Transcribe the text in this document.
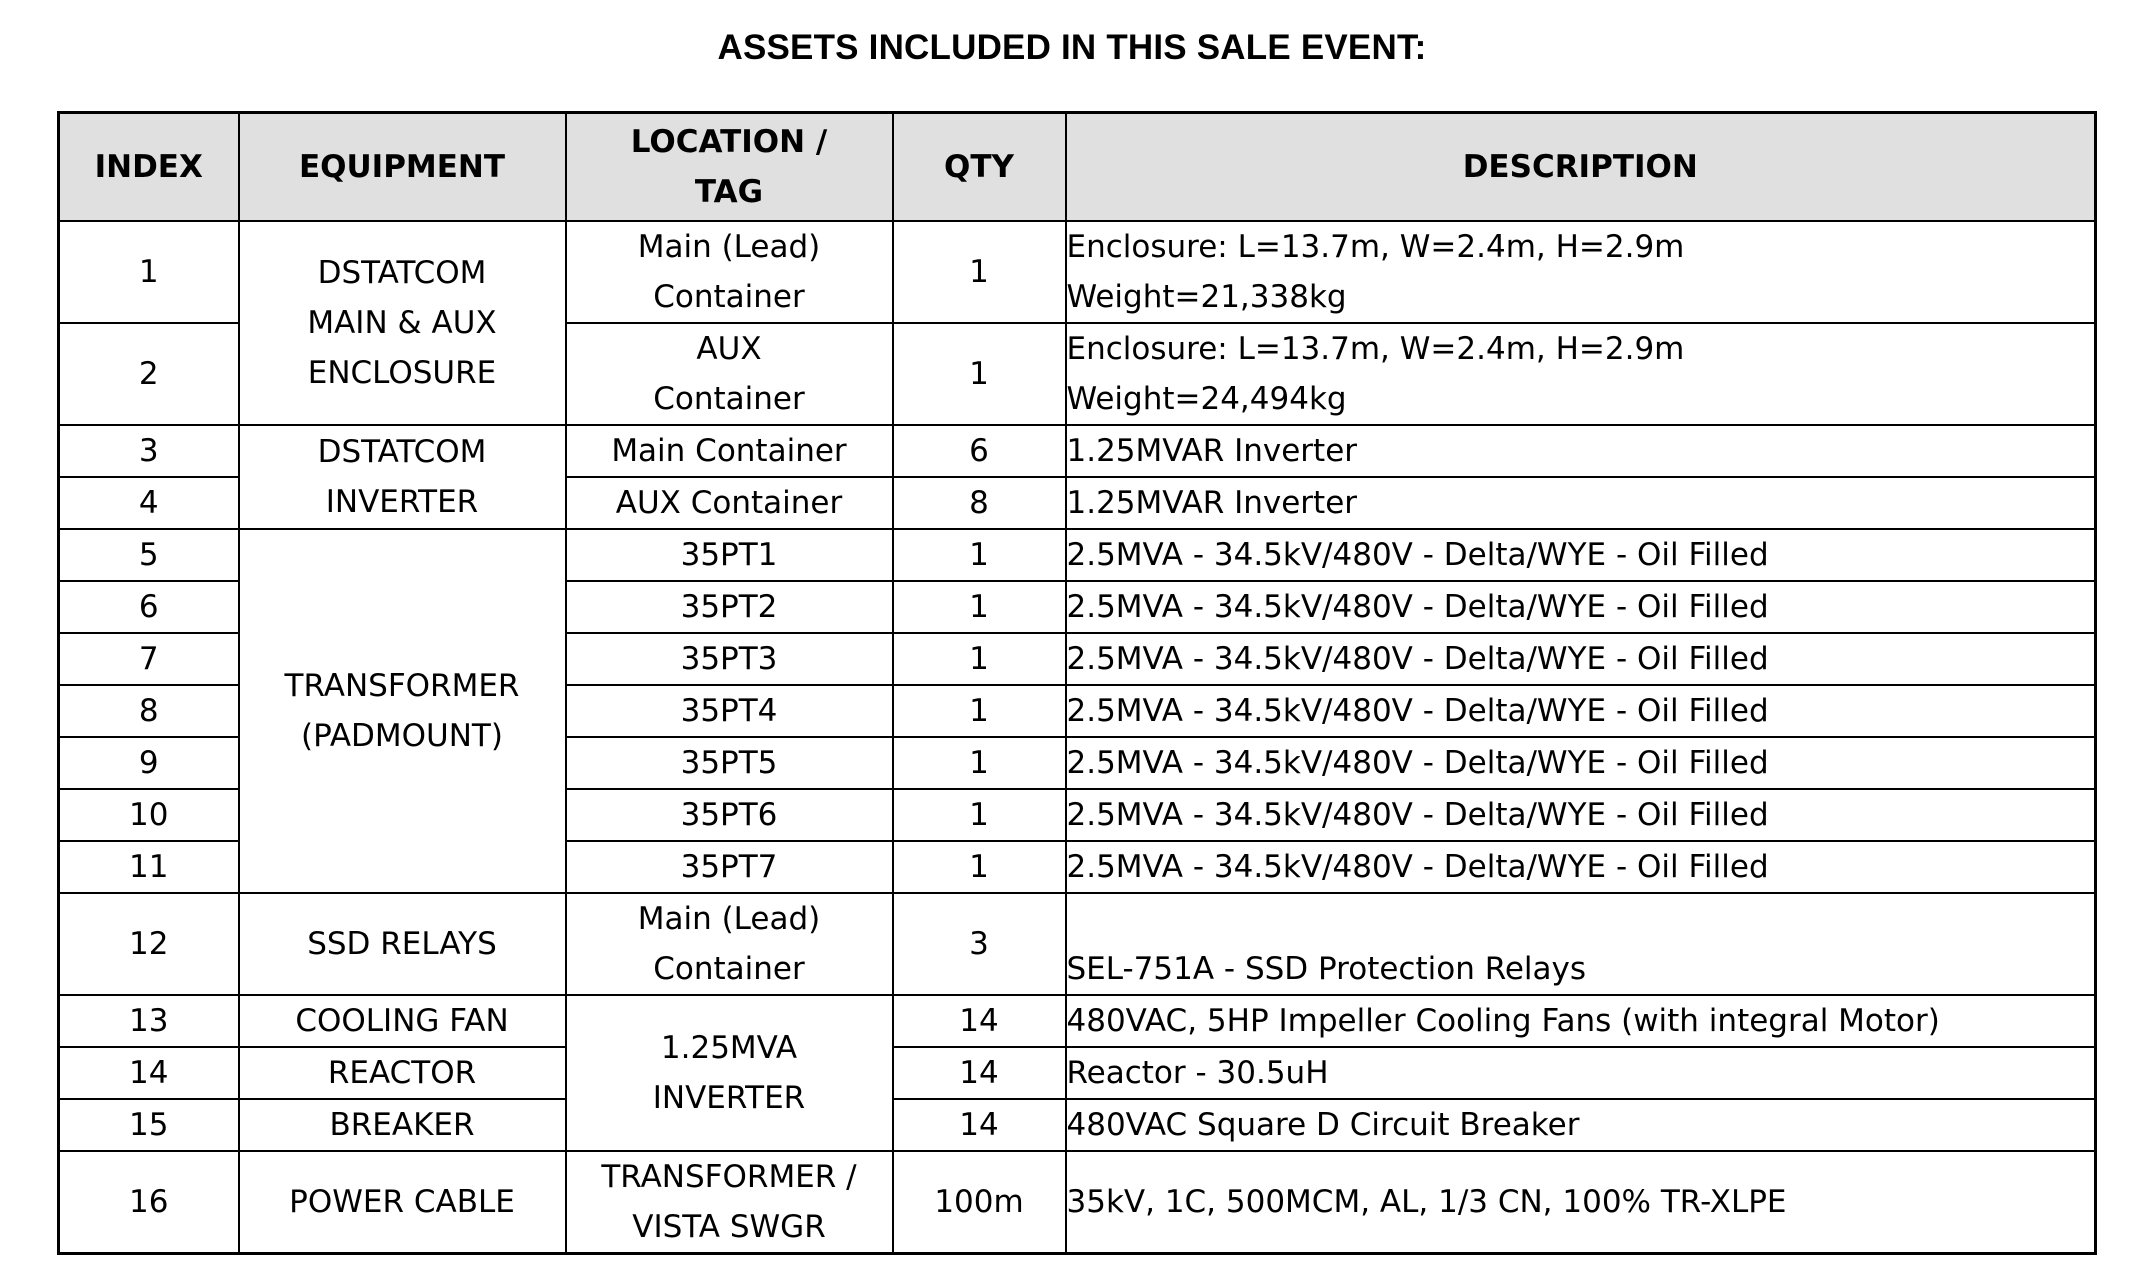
ASSETS INCLUDED IN THIS SALE EVENT:
INDEX	EQUIPMENT	LOCATION /
TAG	QTY	DESCRIPTION
1	DSTATCOM
MAIN & AUX
ENCLOSURE	Main (Lead)
Container	1	Enclosure: L=13.7m, W=2.4m, H=2.9m
Weight=21,338kg

2		AUX
Container	1	Enclosure: L=13.7m, W=2.4m, H=2.9m
Weight=24,494kg

3	DSTATCOM
INVERTER	Main Container	6	1.25MVAR Inverter
4		AUX Container	8	1.25MVAR Inverter
5	TRANSFORMER
(PADMOUNT)	35PT1	1	2.5MVA - 34.5kV/480V - Delta/WYE - Oil Filled
6		35PT2	1	2.5MVA - 34.5kV/480V - Delta/WYE - Oil Filled
7		35PT3	1	2.5MVA - 34.5kV/480V - Delta/WYE - Oil Filled
8		35PT4	1	2.5MVA - 34.5kV/480V - Delta/WYE - Oil Filled
9		35PT5	1	2.5MVA - 34.5kV/480V - Delta/WYE - Oil Filled
10		35PT6	1	2.5MVA - 34.5kV/480V - Delta/WYE - Oil Filled
11		35PT7	1	2.5MVA - 34.5kV/480V - Delta/WYE - Oil Filled
12	SSD RELAYS	Main (Lead)
Container	3	SEL-751A - SSD Protection Relays
13	COOLING FAN	1.25MVA
INVERTER	14	480VAC, 5HP Impeller Cooling Fans (with integral Motor)
14	REACTOR		14	Reactor - 30.5uH
15	BREAKER		14	480VAC Square D Circuit Breaker
16	POWER CABLE	TRANSFORMER /
VISTA SWGR	100m	35kV, 1C, 500MCM, AL, 1/3 CN, 100% TR-XLPE
